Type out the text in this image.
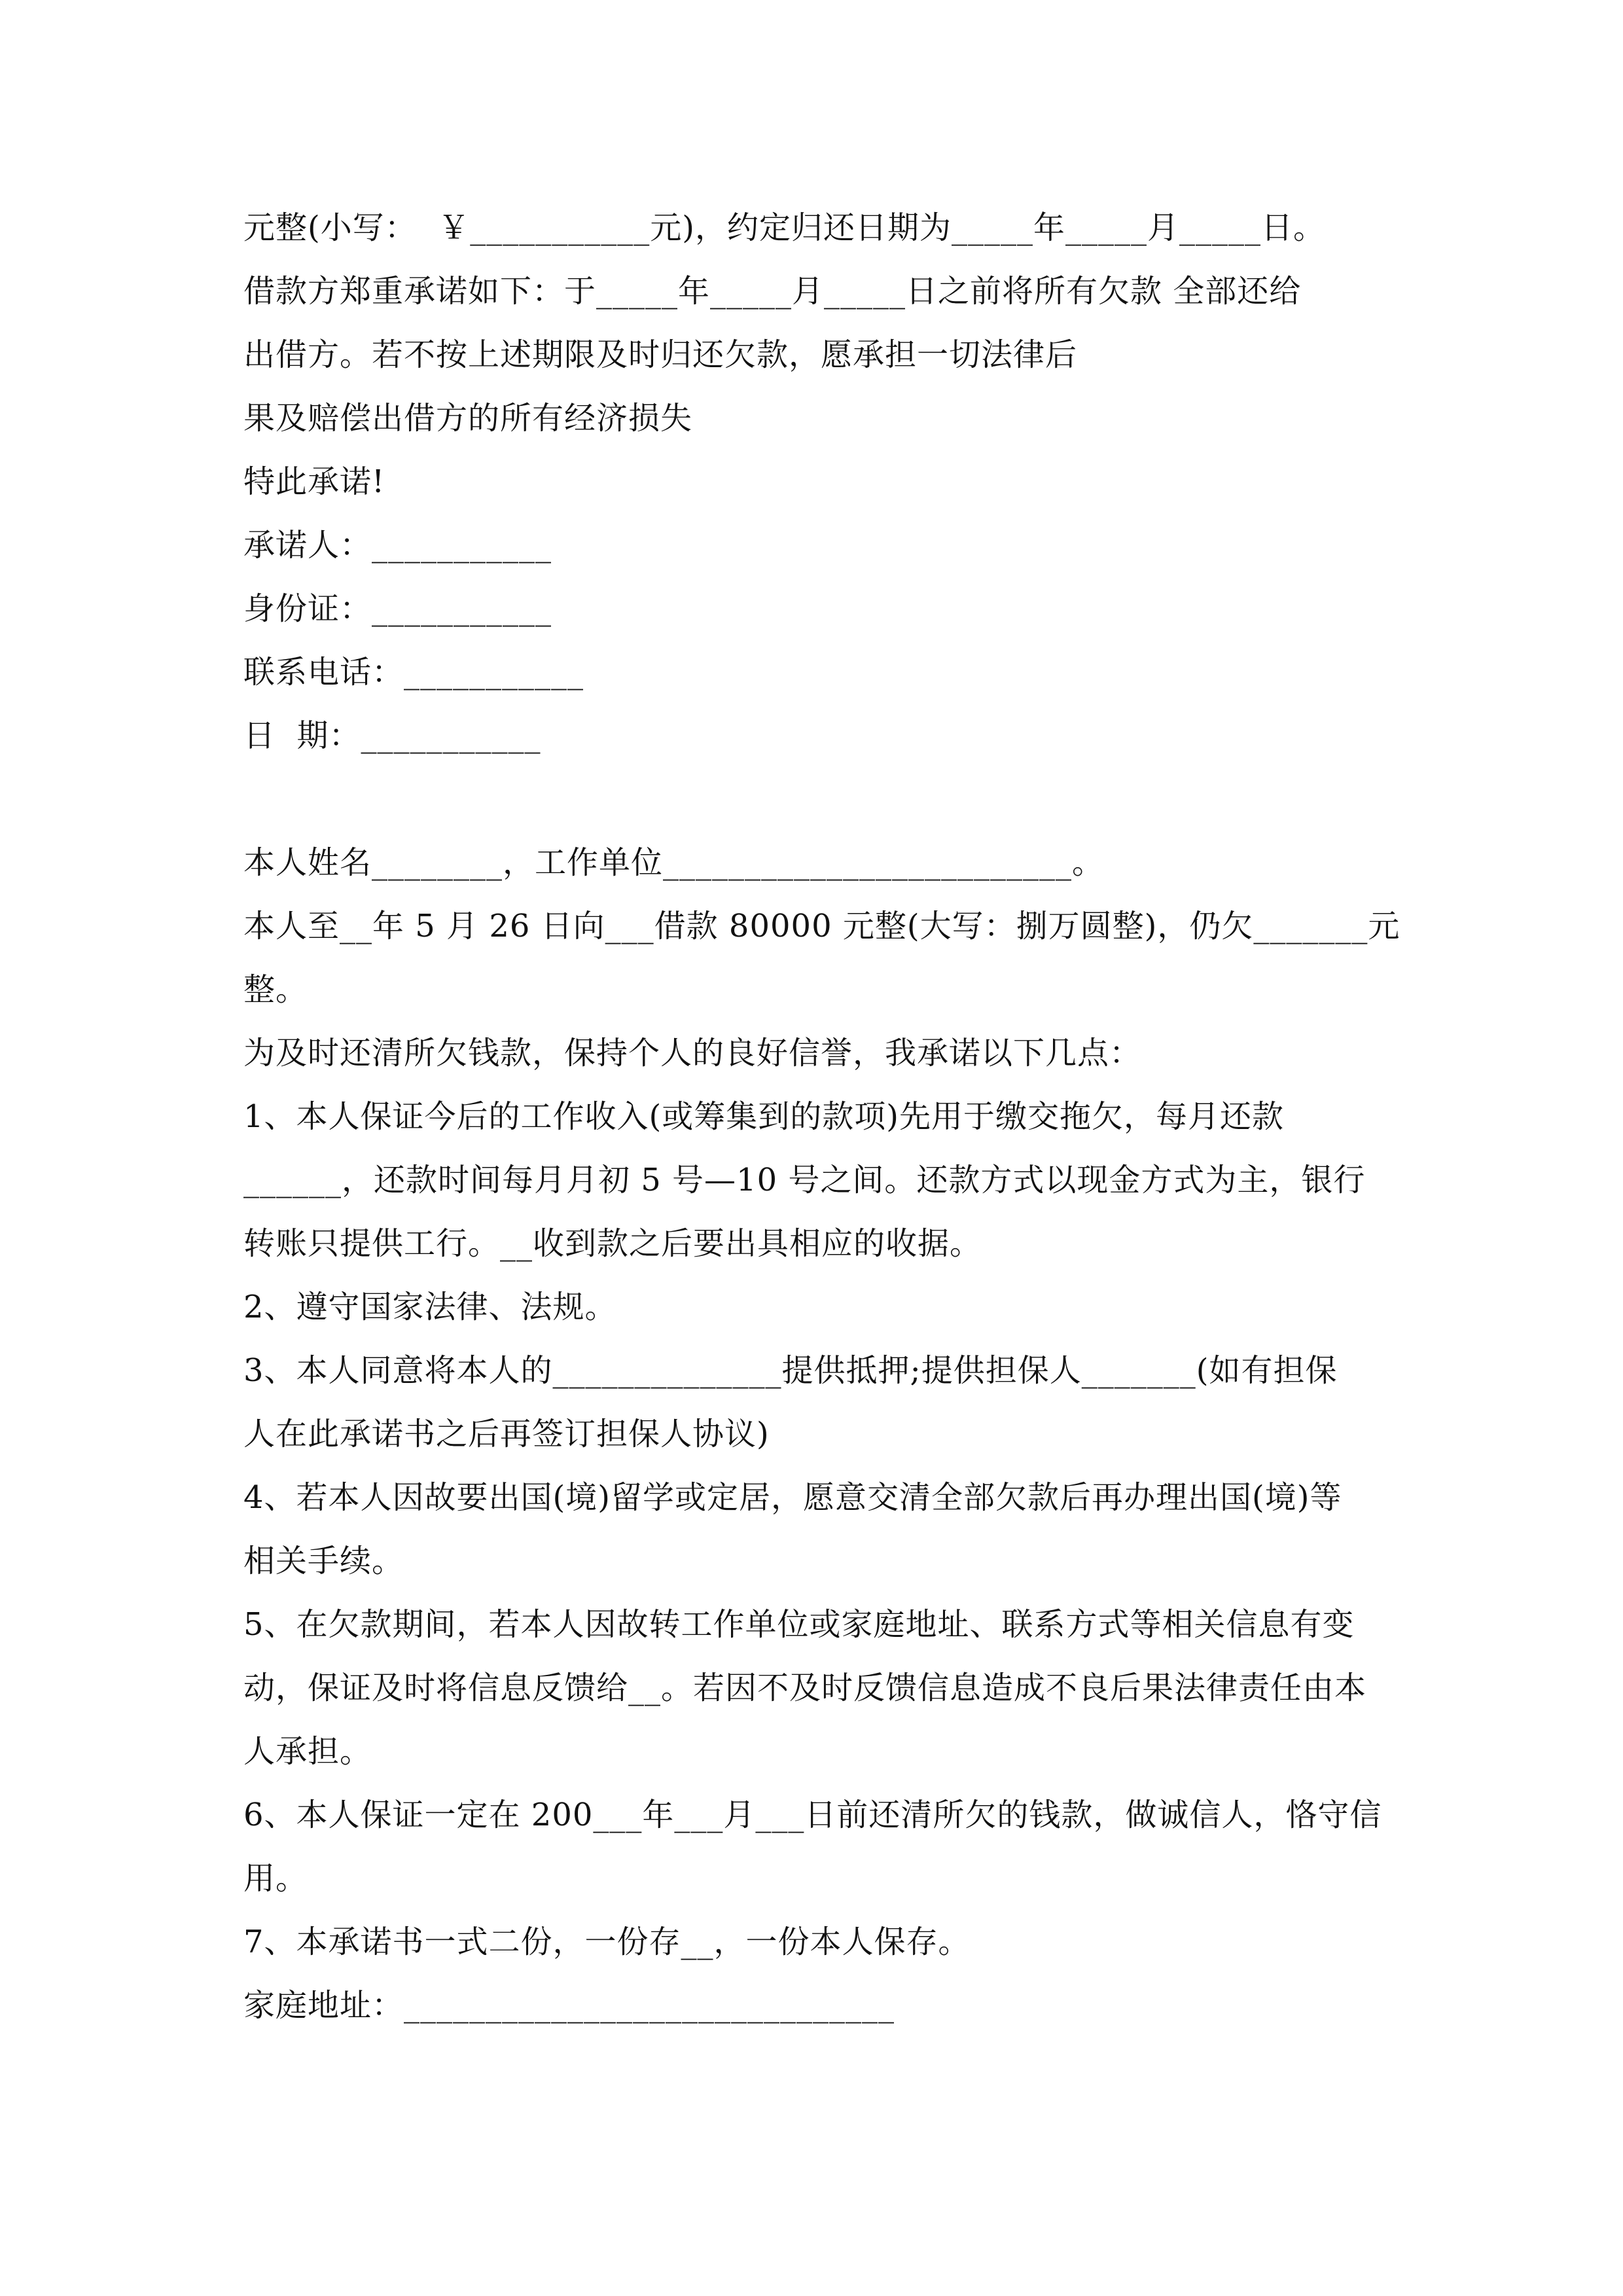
元整(小写：  ￥___________元)，约定归还日期为_____年_____月_____日。
借款方郑重承诺如下：于_____年_____月_____日之前将所有欠款 全部还给
出借方。若不按上述期限及时归还欠款，愿承担一切法律后
果及赔偿出借方的所有经济损失
特此承诺!
承诺人：___________
身份证：___________
联系电话：___________
日  期：___________
本人姓名________，工作单位_________________________。
本人至__年 5 月 26 日向___借款 80000 元整(大写：捌万圆整)，仍欠_______元
整。
为及时还清所欠钱款，保持个人的良好信誉，我承诺以下几点：
1、本人保证今后的工作收入(或筹集到的款项)先用于缴交拖欠，每月还款
______，还款时间每月月初 5 号—10 号之间。还款方式以现金方式为主，银行
转账只提供工行。__收到款之后要出具相应的收据。
2、遵守国家法律、法规。
3、本人同意将本人的______________提供抵押;提供担保人_______(如有担保
人在此承诺书之后再签订担保人协议)
4、若本人因故要出国(境)留学或定居，愿意交清全部欠款后再办理出国(境)等
相关手续。
5、在欠款期间，若本人因故转工作单位或家庭地址、联系方式等相关信息有变
动，保证及时将信息反馈给__。若因不及时反馈信息造成不良后果法律责任由本
人承担。
6、本人保证一定在 200___年___月___日前还清所欠的钱款，做诚信人，恪守信
用。
7、本承诺书一式二份，一份存__，一份本人保存。
家庭地址：______________________________
